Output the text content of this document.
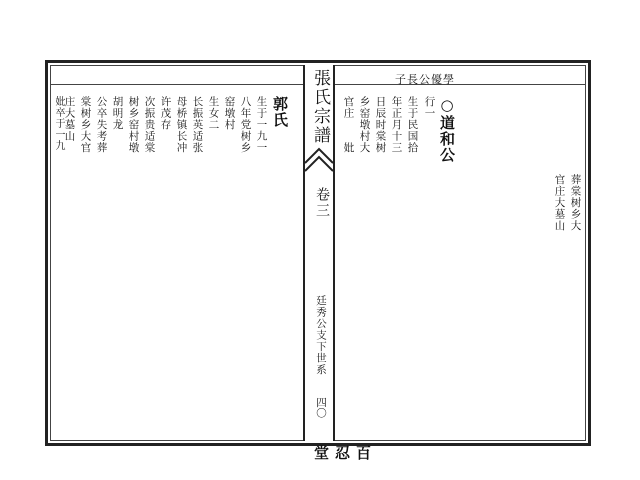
子長公優學
○道和公
行一
生于民国拾
年正月十三
日辰时棠树
乡窑墩村大
官庄　　妣
葬棠树乡大
官庄大墓山
張氏宗譜
卷三
廷秀公支下世系
四〇
百忍堂
郭氏
生于一九一
八年党树乡
窑墩村
生女二
长振英适张
母桥镇长冲
许茂存
次振贵适棠
树乡窑村墩
胡明龙
公卒失考葬
棠树乡大官
庄大墓山
妣卒于一九
